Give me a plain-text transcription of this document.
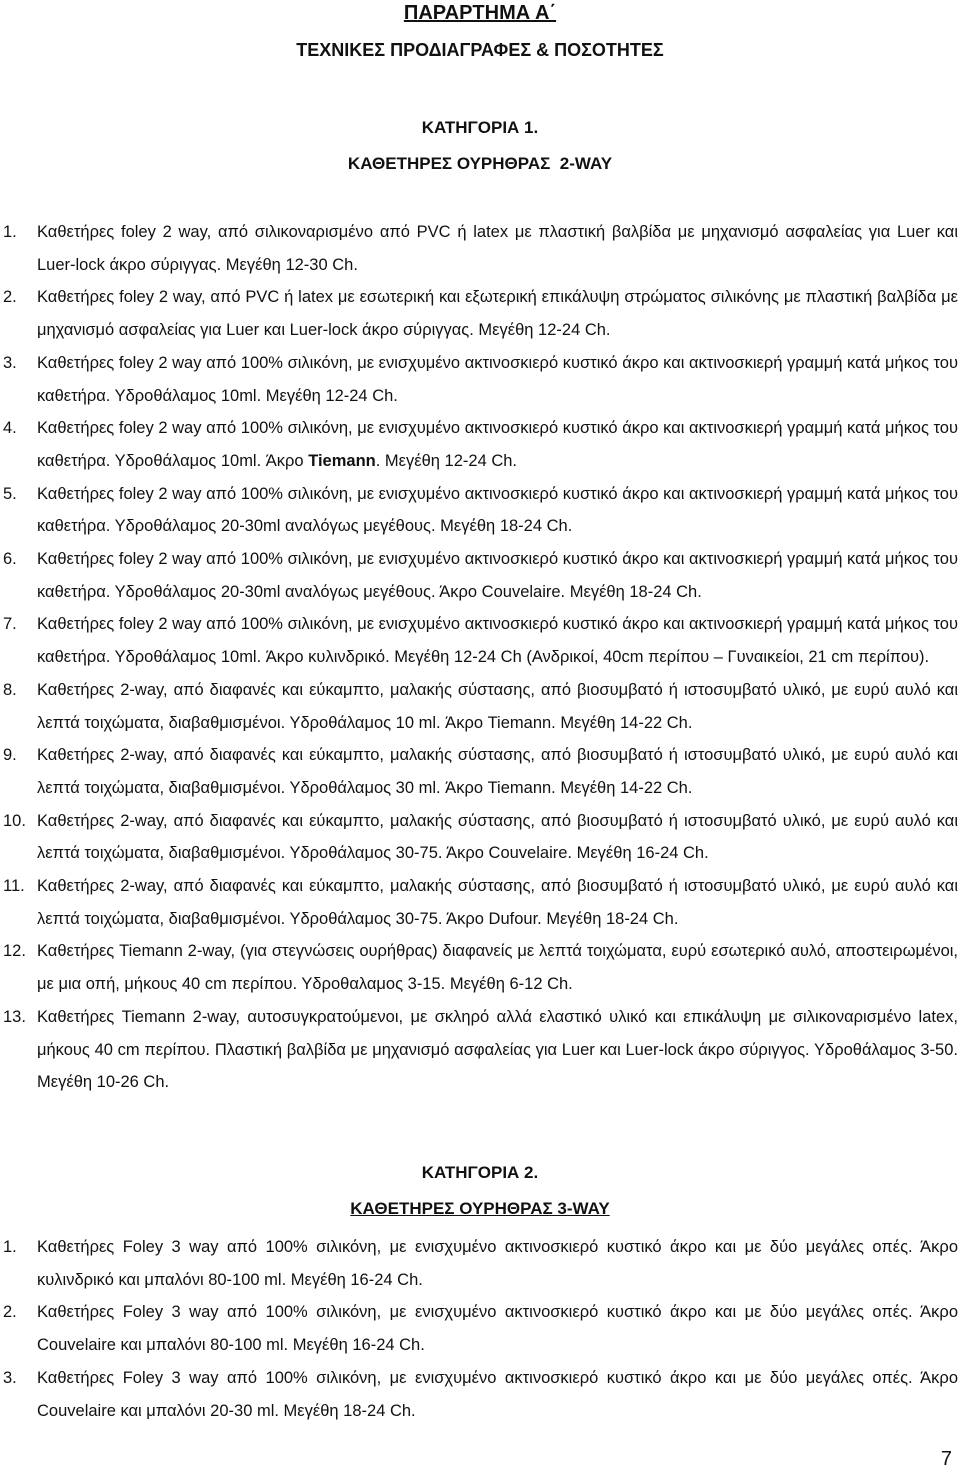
ΠΑΡΑΡΤΗΜΑ Α΄
ΤΕΧΝΙΚΕΣ ΠΡΟΔΙΑΓΡΑΦΕΣ & ΠΟΣΟΤΗΤΕΣ
ΚΑΤΗΓΟΡΙΑ 1.
ΚΑΘΕΤΗΡΕΣ ΟΥΡΗΘΡΑΣ  2-WAY
1. Καθετήρες foley 2 way, από σιλικοναρισμένο από PVC ή latex με πλαστική βαλβίδα με μηχανισμό ασφαλείας για Luer και Luer-lock άκρο σύριγγας. Μεγέθη 12-30 Ch.
2. Καθετήρες foley 2 way, από PVC ή latex με εσωτερική και εξωτερική επικάλυψη στρώματος σιλικόνης με πλαστική βαλβίδα με μηχανισμό ασφαλείας για Luer και Luer-lock άκρο σύριγγας. Μεγέθη 12-24 Ch.
3. Καθετήρες foley 2 way από 100% σιλικόνη, με ενισχυμένο ακτινοσκιερό κυστικό άκρο και ακτινοσκιερή γραμμή κατά μήκος του καθετήρα. Υδροθάλαμος 10ml. Μεγέθη 12-24 Ch.
4. Καθετήρες foley 2 way από 100% σιλικόνη, με ενισχυμένο ακτινοσκιερό κυστικό άκρο και ακτινοσκιερή γραμμή κατά μήκος του καθετήρα. Υδροθάλαμος 10ml. Άκρο Tiemann. Μεγέθη 12-24 Ch.
5. Καθετήρες foley 2 way από 100% σιλικόνη, με ενισχυμένο ακτινοσκιερό κυστικό άκρο και ακτινοσκιερή γραμμή κατά μήκος του καθετήρα. Υδροθάλαμος 20-30ml αναλόγως μεγέθους. Μεγέθη 18-24 Ch.
6. Καθετήρες foley 2 way από 100% σιλικόνη, με ενισχυμένο ακτινοσκιερό κυστικό άκρο και ακτινοσκιερή γραμμή κατά μήκος του καθετήρα. Υδροθάλαμος 20-30ml αναλόγως μεγέθους. Άκρο Couvelaire. Μεγέθη 18-24 Ch.
7. Καθετήρες foley 2 way από 100% σιλικόνη, με ενισχυμένο ακτινοσκιερό κυστικό άκρο και ακτινοσκιερή γραμμή κατά μήκος του καθετήρα. Υδροθάλαμος 10ml. Άκρο κυλινδρικό. Μεγέθη 12-24 Ch (Ανδρικοί, 40cm περίπου – Γυναικείοι, 21 cm περίπου).
8. Καθετήρες 2-way, από διαφανές και εύκαμπτο, μαλακής σύστασης, από βιοσυμβατό ή ιστοσυμβατό υλικό, με ευρύ αυλό και λεπτά τοιχώματα, διαβαθμισμένοι. Υδροθάλαμος 10 ml. Άκρο Tiemann. Μεγέθη 14-22 Ch.
9. Καθετήρες 2-way, από διαφανές και εύκαμπτο, μαλακής σύστασης, από βιοσυμβατό ή ιστοσυμβατό υλικό, με ευρύ αυλό και λεπτά τοιχώματα, διαβαθμισμένοι. Υδροθάλαμος 30 ml. Άκρο Tiemann. Μεγέθη 14-22 Ch.
10. Καθετήρες 2-way, από διαφανές και εύκαμπτο, μαλακής σύστασης, από βιοσυμβατό ή ιστοσυμβατό υλικό, με ευρύ αυλό και λεπτά τοιχώματα, διαβαθμισμένοι. Υδροθάλαμος 30-75. Άκρο Couvelaire. Μεγέθη 16-24 Ch.
11. Καθετήρες 2-way, από διαφανές και εύκαμπτο, μαλακής σύστασης, από βιοσυμβατό ή ιστοσυμβατό υλικό, με ευρύ αυλό και λεπτά τοιχώματα, διαβαθμισμένοι. Υδροθάλαμος 30-75. Άκρο Dufour. Μεγέθη 18-24 Ch.
12. Καθετήρες Tiemann 2-way, (για στεγνώσεις ουρήθρας) διαφανείς με λεπτά τοιχώματα, ευρύ εσωτερικό αυλό, αποστειρωμένοι, με μια οπή, μήκους 40 cm περίπου. Υδροθαλαμος 3-15. Μεγέθη 6-12 Ch.
13. Καθετήρες Tiemann 2-way, αυτοσυγκρατούμενοι, με σκληρό αλλά ελαστικό υλικό και επικάλυψη με σιλικοναρισμένο latex, μήκους 40 cm περίπου. Πλαστική βαλβίδα με μηχανισμό ασφαλείας για Luer και Luer-lock άκρο σύριγγος. Υδροθάλαμος 3-50. Μεγέθη 10-26 Ch.
ΚΑΤΗΓΟΡΙΑ 2.
ΚΑΘΕΤΗΡΕΣ ΟΥΡΗΘΡΑΣ 3-WAY
1. Καθετήρες Foley 3 way από 100% σιλικόνη, με ενισχυμένο ακτινοσκιερό κυστικό άκρο και με δύο μεγάλες οπές. Άκρο κυλινδρικό και μπαλόνι 80-100 ml. Μεγέθη 16-24 Ch.
2. Καθετήρες Foley 3 way από 100% σιλικόνη, με ενισχυμένο ακτινοσκιερό κυστικό άκρο και με δύο μεγάλες οπές. Άκρο Couvelaire και μπαλόνι 80-100 ml. Μεγέθη 16-24 Ch.
3. Καθετήρες Foley 3 way από 100% σιλικόνη, με ενισχυμένο ακτινοσκιερό κυστικό άκρο και με δύο μεγάλες οπές. Άκρο Couvelaire και μπαλόνι 20-30 ml. Μεγέθη 18-24 Ch.
7
